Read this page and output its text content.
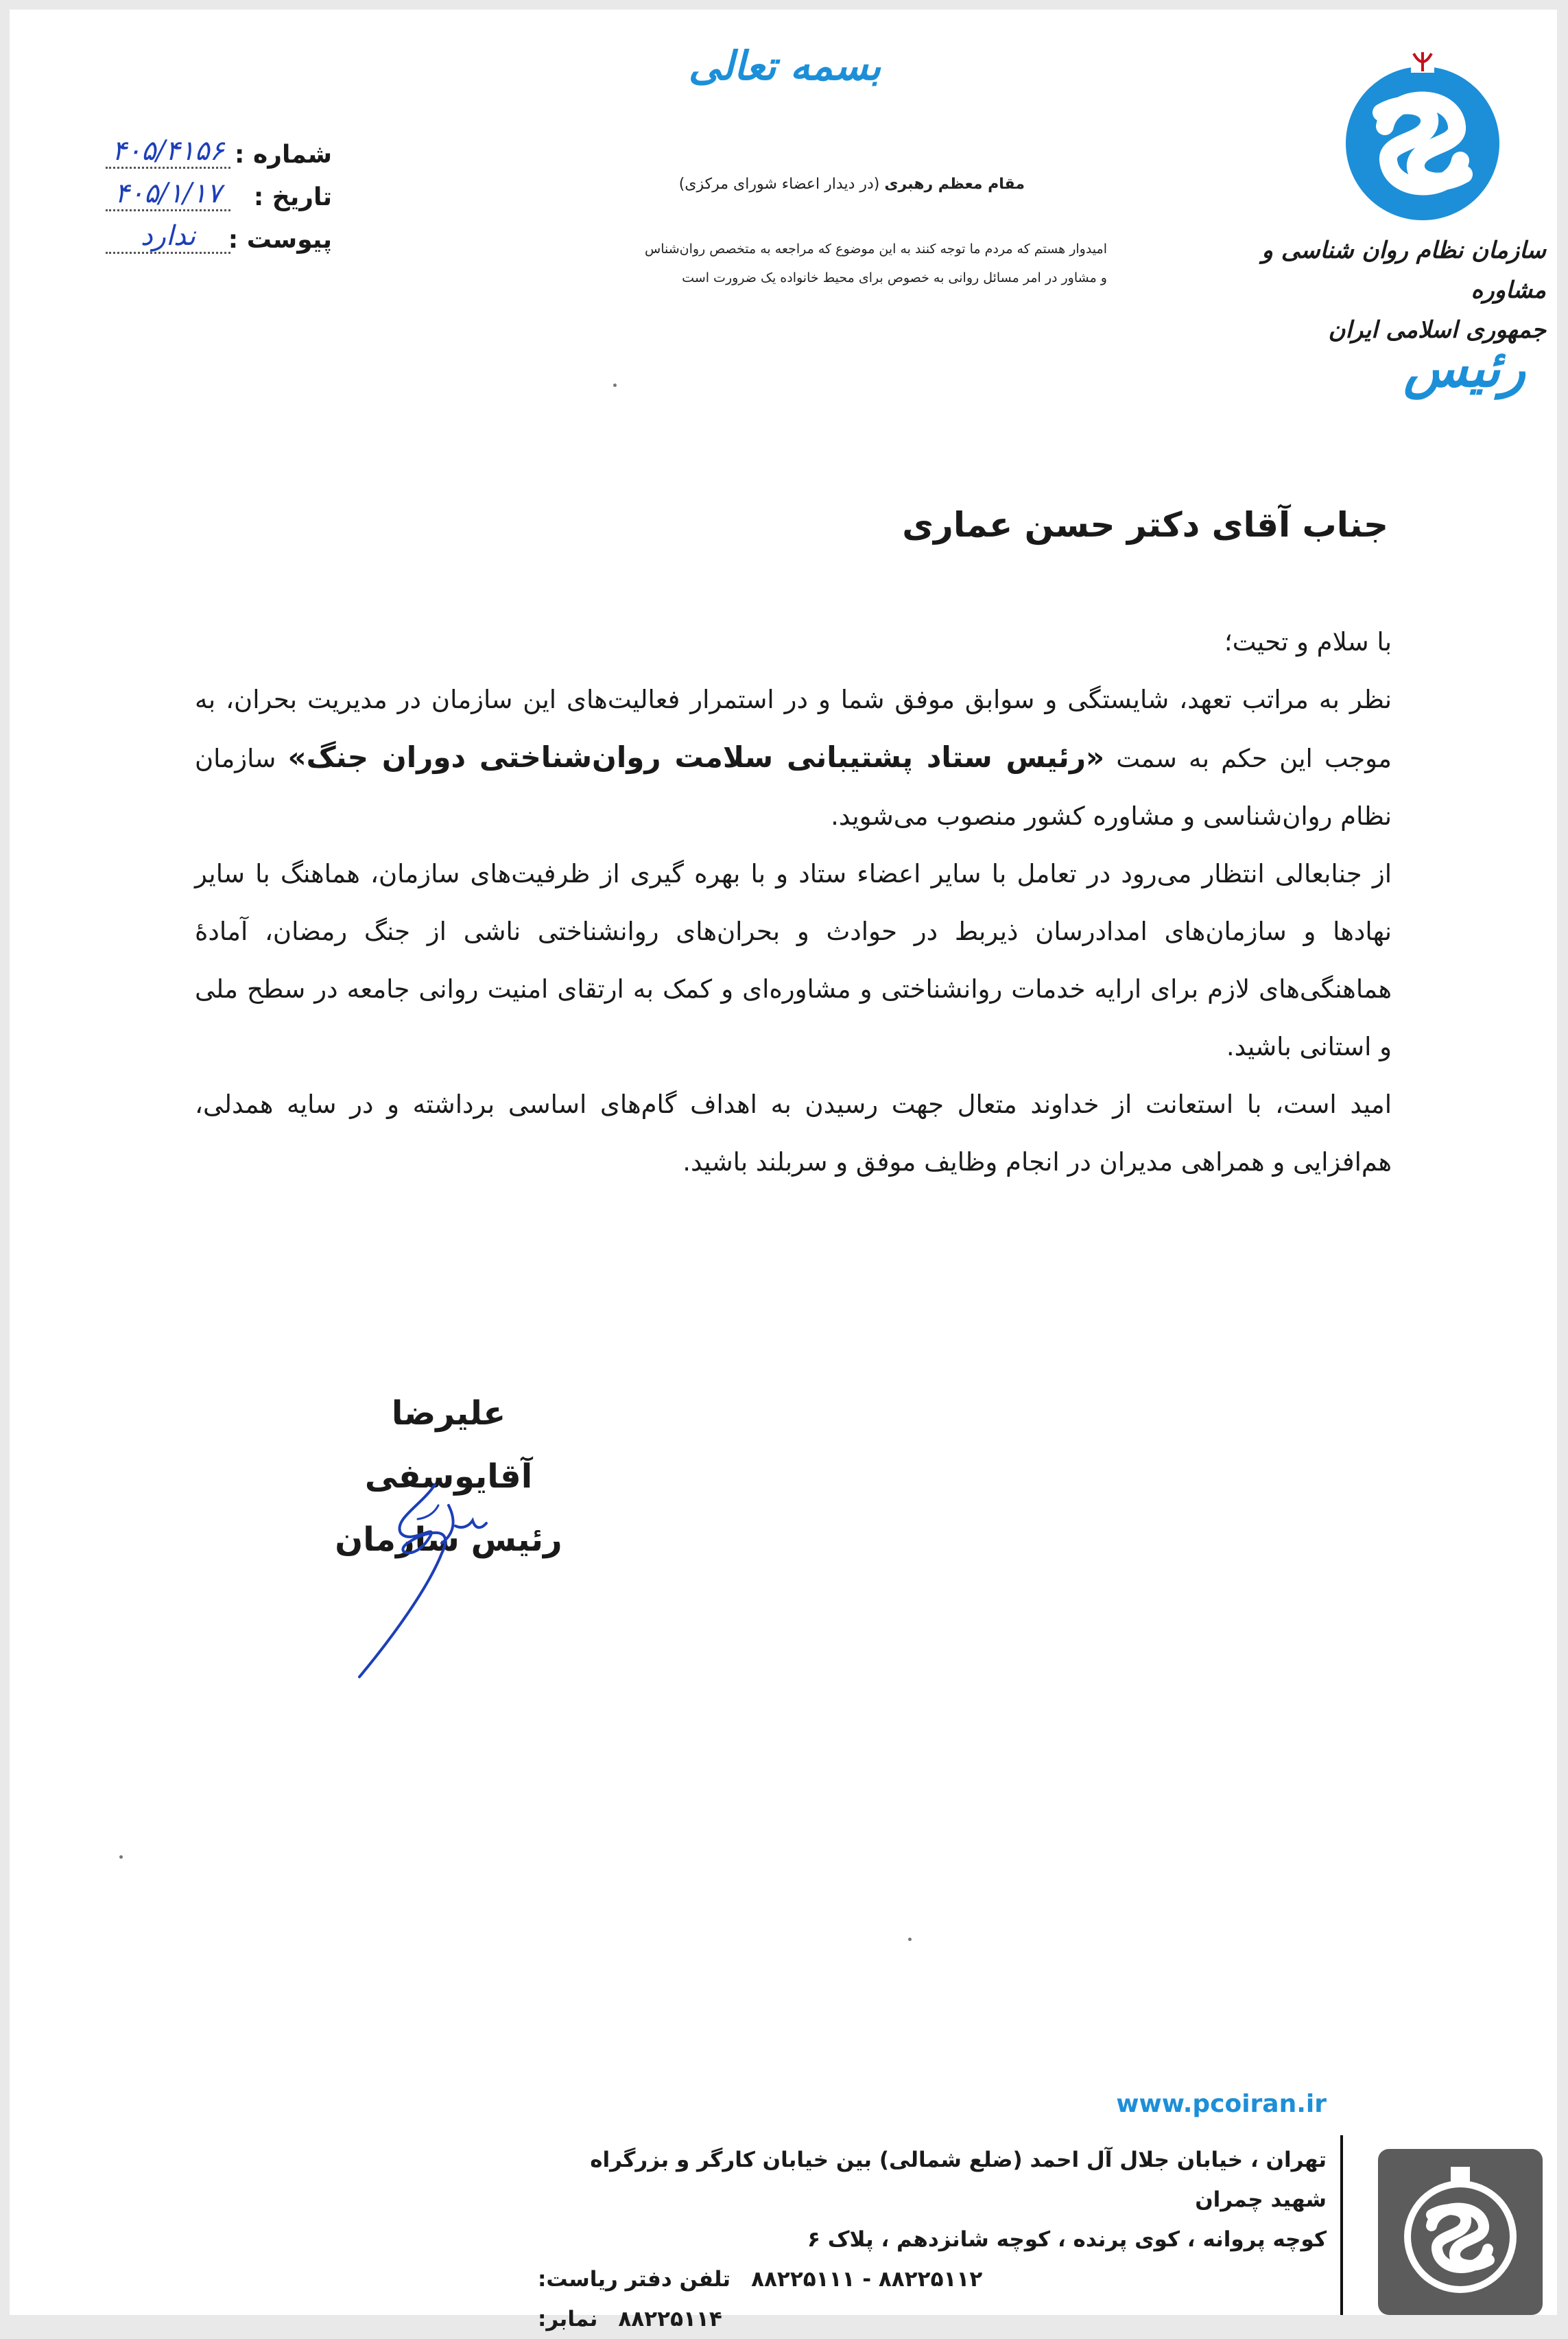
بسمه تعالی
مقام معظم رهبری (در دیدار اعضاء شورای مرکزی)
امیدوار هستم که مردم ما توجه کنند به این موضوع که مراجعه به متخصص روان‌شناس
و مشاور در امر مسائل روانی به خصوص برای محیط خانواده یک ضرورت است
شماره :
۴۰۵/۴۱۵۶
تاریخ :
۴۰۵/۱/۱۷
پیوست :
ندارد	سازمان نظام روان شناسی و مشاوره
جمهوری اسلامی ایران
رئیس
جناب آقای دکتر حسن عماری

با سلام و تحیت؛

نظر به مراتب تعهد، شایستگی و سوابق موفق شما و در استمرار فعالیت‌های این سازمان در مدیریت بحران، به موجب این حکم به سمت «رئیس ستاد پشتیبانی سلامت روان‌شناختی دوران جنگ» سازمان نظام روان‌شناسی و مشاوره کشور منصوب می‌شوید.

از جنابعالی انتظار می‌رود در تعامل با سایر اعضاء ستاد و با بهره گیری از ظرفیت‌های سازمان، هماهنگ با سایر نهادها و سازمان‌های امدادرسان ذیربط در حوادث و بحران‌های روانشناختی ناشی از جنگ رمضان، آمادهٔ هماهنگی‌های لازم برای ارایه خدمات روانشناختی و مشاوره‌ای و کمک به ارتقای امنیت روانی جامعه در سطح ملی و استانی باشید.

امید است، با استعانت از خداوند متعال جهت رسیدن به اهداف گام‌های اساسی برداشته و در سایه همدلی، هم‌افزایی و همراهی مدیران در انجام وظایف موفق و سربلند باشید.

علیرضا آقایوسفی
رئیس سازمان
www.pcoiran.ir
تهران ، خیابان جلال آل احمد (ضلع شمالی) بین خیابان کارگر و بزرگراه شهید چمران
کوچه پروانه ، کوی پرنده ، کوچه شانزدهم ، پلاک ۶
تلفن دفتر ریاست: ۸۸۲۲۵۱۱۲ - ۸۸۲۲۵۱۱۱
نمابر: ۸۸۲۲۵۱۱۴
